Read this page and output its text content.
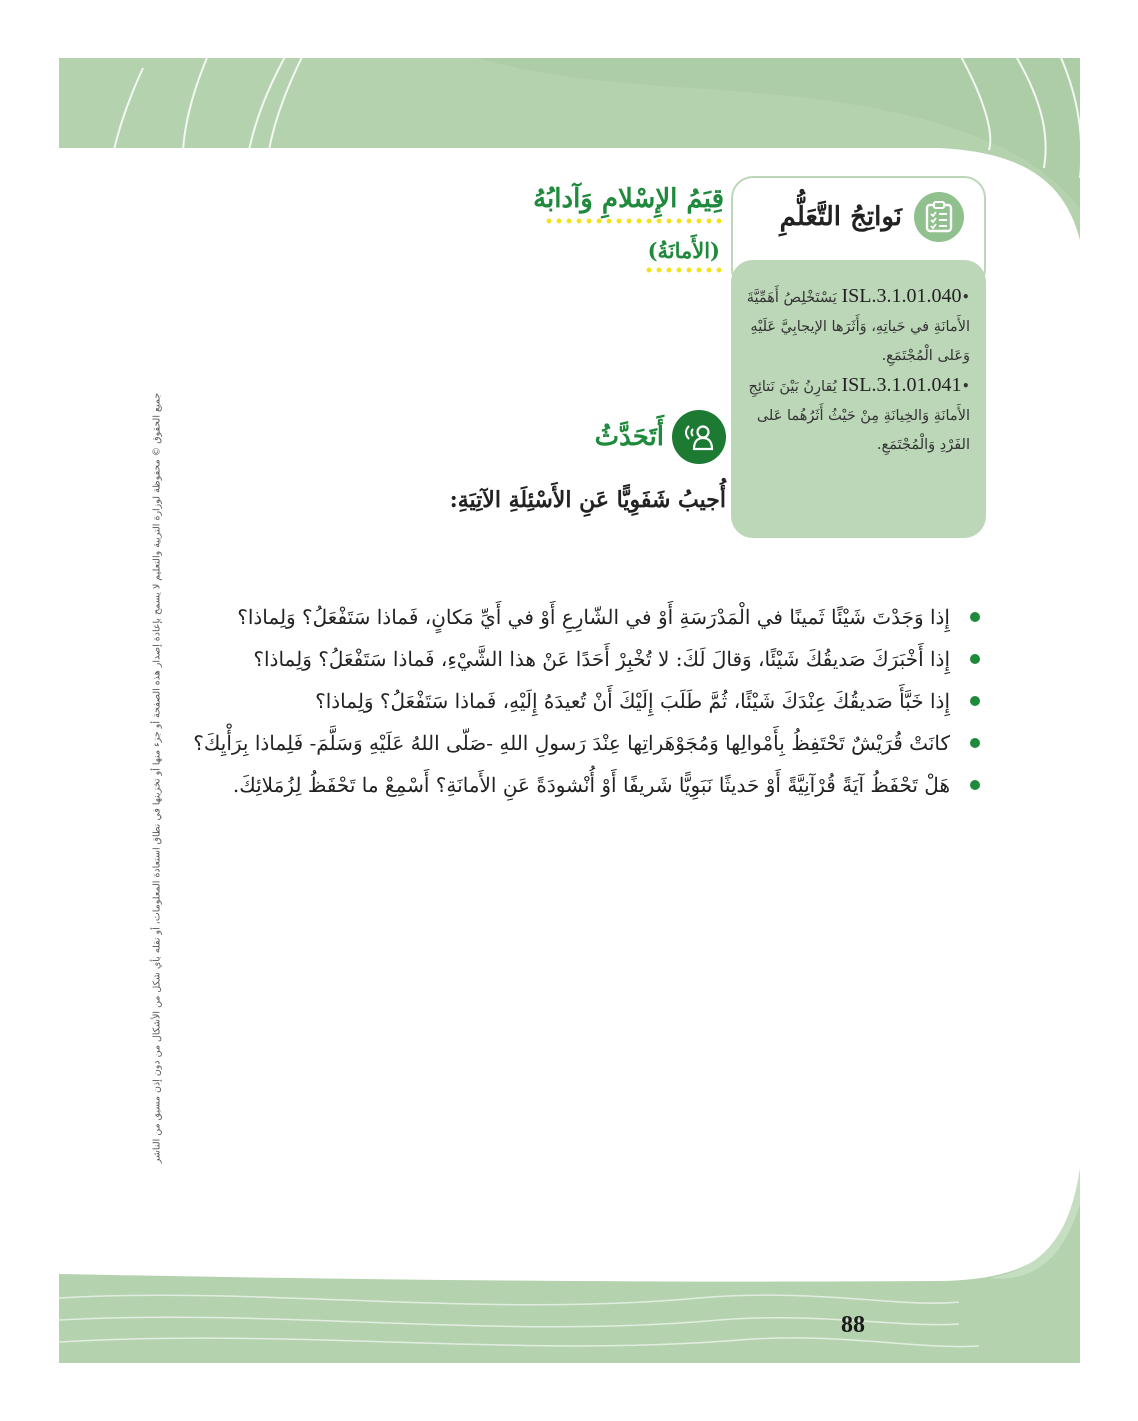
جميع الحقوق © محفوظة لوزارة التربية والتعليم لا يسمح بإعادة إصدار هذه الصفحة أو جزء منها أو تخزينها في نطاق استعادة المعلومات، أو نقله بأي شكل من الأشكال من دون إذن مسبق من الناشر
•ISL.3.1.01.040 يَسْتَخْلِصُ أَهَمِّيَّةَ الأَمانَةِ في حَياتِهِ، وَأَثَرَها الإيجابِيَّ عَلَيْهِ وَعَلى الْمُجْتَمَعِ.
•ISL.3.1.01.041 يُقارِنُ بَيْنَ نَتائِجِ الأَمانَةِ وَالخِيانَةِ مِنْ حَيْثُ أَثَرُهُما عَلى الفَرْدِ وَالْمُجْتَمَعِ.
نَواتِجُ التَّعَلُّمِ
قِيَمُ الإِسْلامِ وَآدابُهُ
(الأَمانَةُ)
أَتَحَدَّثُ
أُجيبُ شَفَوِيًّا عَنِ الأَسْئِلَةِ الآتِيَةِ:
إِذا وَجَدْتَ شَيْئًا ثَمينًا في الْمَدْرَسَةِ أَوْ في الشّارِعِ أَوْ في أَيِّ مَكانٍ، فَماذا سَتَفْعَلُ؟ وَلِماذا؟
إِذا أَخْبَرَكَ صَديقُكَ شَيْئًا، وَقالَ لَكَ: لا تُخْبِرْ أَحَدًا عَنْ هذا الشَّيْءِ، فَماذا سَتَفْعَلُ؟ وَلِماذا؟
إِذا خَبَّأَ صَديقُكَ عِنْدَكَ شَيْئًا، ثُمَّ طَلَبَ إِلَيْكَ أَنْ تُعيدَهُ إِلَيْهِ، فَماذا سَتَفْعَلُ؟ وَلِماذا؟
كانَتْ قُرَيْشٌ تَحْتَفِظُ بِأَمْوالِها وَمُجَوْهَراتِها عِنْدَ رَسولِ اللهِ -صَلّى اللهُ عَلَيْهِ وَسَلَّمَ- فَلِماذا بِرَأْيِكَ؟
هَلْ تَحْفَظُ آيَةً قُرْآنِيَّةً أَوْ حَديثًا نَبَوِيًّا شَريفًا أَوْ أُنْشودَةً عَنِ الأَمانَةِ؟ أَسْمِعْ ما تَحْفَظُ لِزُمَلائِكَ.
88
